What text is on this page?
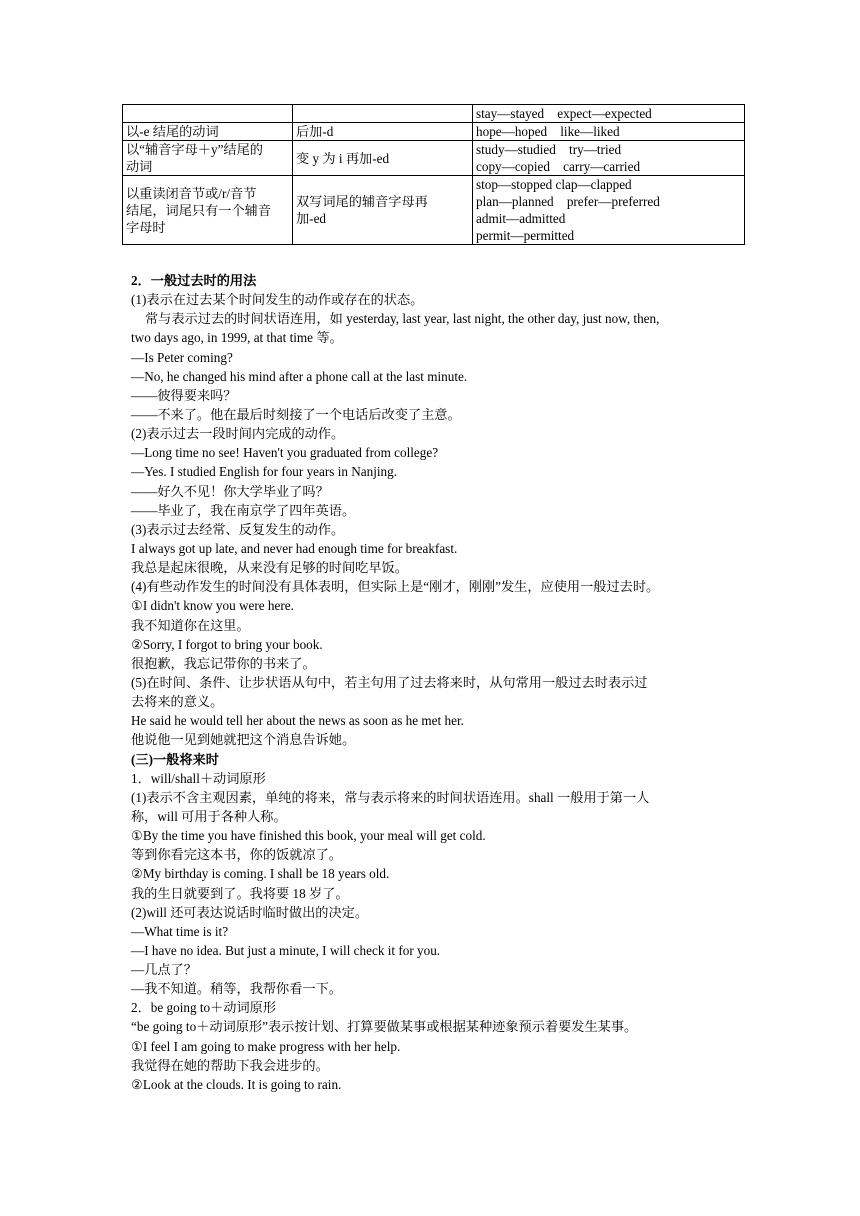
		stay—stayed　expect—expected

以-e 结尾的动词	后加-d	hope—hoped　like—liked

以“辅音字母＋y”结尾的
动词	变 y 为 i 再加-ed	study—studied　try—tried
copy—copied　carry—carried

以重读闭音节或/r/音节
结尾，词尾只有一个辅音
字母时	双写词尾的辅音字母再
加-ed	stop—stopped clap—clapped
plan—planned　prefer—preferred
admit—admitted
permit—permitted
2．一般过去时的用法
(1)表示在过去某个时间发生的动作或存在的状态。
常与表示过去的时间状语连用，如 yesterday, last year, last night, the other day, just now, then,
two days ago, in 1999, at that time 等。
—Is Peter coming?
—No, he changed his mind after a phone call at the last minute.
——彼得要来吗？
——不来了。他在最后时刻接了一个电话后改变了主意。
(2)表示过去一段时间内完成的动作。
—Long time no see! Haven't you graduated from college?
—Yes. I studied English for four years in Nanjing.
——好久不见！你大学毕业了吗？
——毕业了，我在南京学了四年英语。
(3)表示过去经常、反复发生的动作。
I always got up late, and never had enough time for breakfast.
我总是起床很晚，从来没有足够的时间吃早饭。
(4)有些动作发生的时间没有具体表明，但实际上是“刚才，刚刚”发生，应使用一般过去时。
①I didn't know you were here.
我不知道你在这里。
②Sorry, I forgot to bring your book.
很抱歉，我忘记带你的书来了。
(5)在时间、条件、让步状语从句中，若主句用了过去将来时，从句常用一般过去时表示过
去将来的意义。
He said he would tell her about the news as soon as he met her.
他说他一见到她就把这个消息告诉她。
(三)一般将来时
1．will/shall＋动词原形
(1)表示不含主观因素，单纯的将来，常与表示将来的时间状语连用。shall 一般用于第一人
称，will 可用于各种人称。
①By the time you have finished this book, your meal will get cold.
等到你看完这本书，你的饭就凉了。
②My birthday is coming. I shall be 18 years old.
我的生日就要到了。我将要 18 岁了。
(2)will 还可表达说话时临时做出的决定。
—What time is it?
—I have no idea. But just a minute, I will check it for you.
—几点了？
—我不知道。稍等，我帮你看一下。
2．be going to＋动词原形
“be going to＋动词原形”表示按计划、打算要做某事或根据某种迹象预示着要发生某事。
①I feel I am going to make progress with her help.
我觉得在她的帮助下我会进步的。
②Look at the clouds. It is going to rain.
